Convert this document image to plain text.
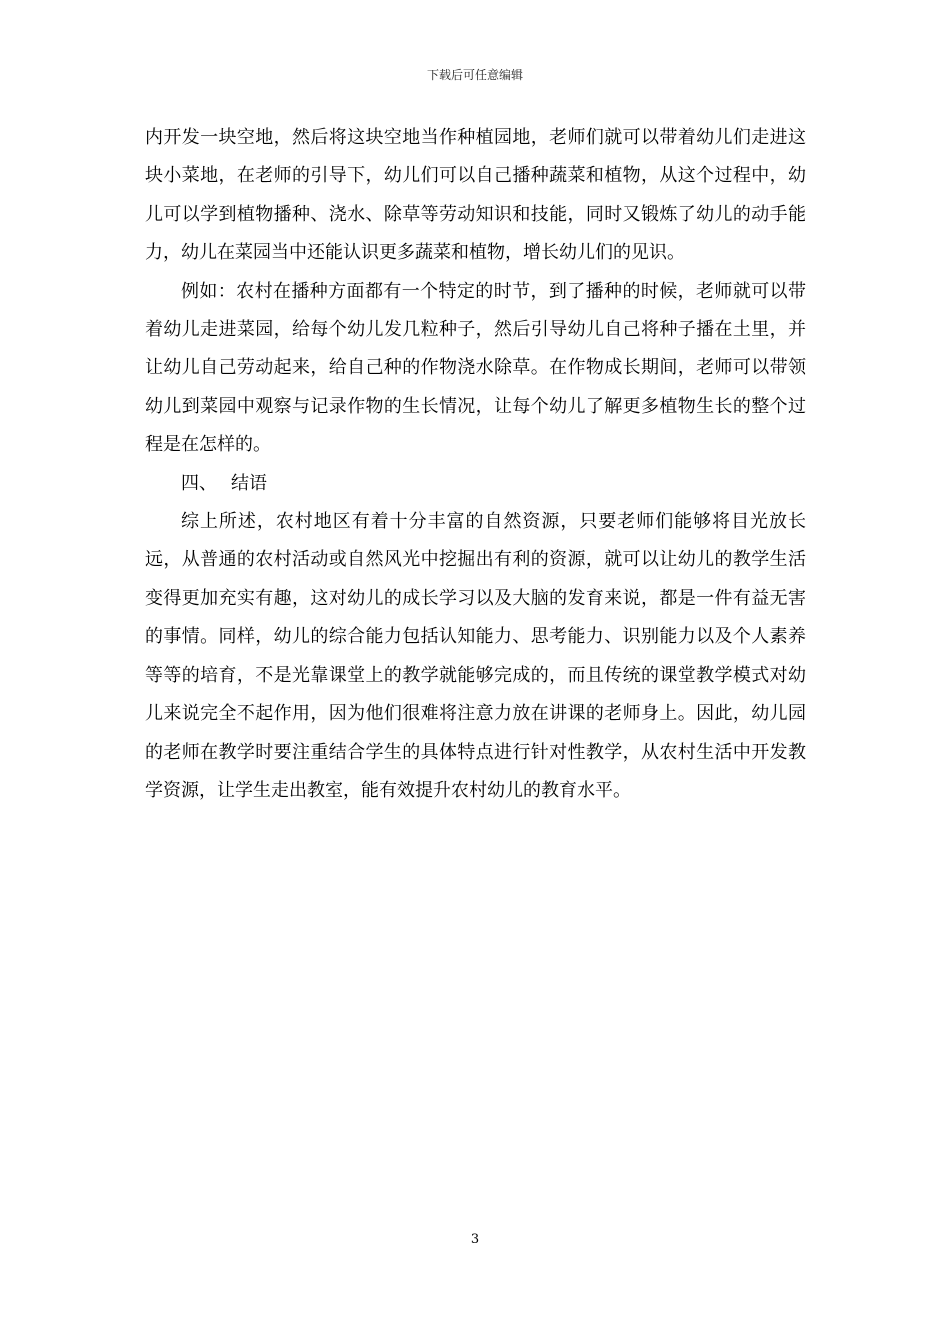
下载后可任意编辑

内开发一块空地，然后将这块空地当作种植园地，老师们就可以带着幼儿们走进这块小菜地，在老师的引导下，幼儿们可以自己播种蔬菜和植物，从这个过程中，幼儿可以学到植物播种、浇水、除草等劳动知识和技能，同时又锻炼了幼儿的动手能力，幼儿在菜园当中还能认识更多蔬菜和植物，增长幼儿们的见识。

例如：农村在播种方面都有一个特定的时节，到了播种的时候，老师就可以带着幼儿走进菜园，给每个幼儿发几粒种子，然后引导幼儿自己将种子播在土里，并让幼儿自己劳动起来，给自己种的作物浇水除草。在作物成长期间，老师可以带领幼儿到菜园中观察与记录作物的生长情况，让每个幼儿了解更多植物生长的整个过程是在怎样的。

四、 结语

综上所述，农村地区有着十分丰富的自然资源，只要老师们能够将目光放长远，从普通的农村活动或自然风光中挖掘出有利的资源，就可以让幼儿的教学生活变得更加充实有趣，这对幼儿的成长学习以及大脑的发育来说，都是一件有益无害的事情。同样，幼儿的综合能力包括认知能力、思考能力、识别能力以及个人素养等等的培育，不是光靠课堂上的教学就能够完成的，而且传统的课堂教学模式对幼儿来说完全不起作用，因为他们很难将注意力放在讲课的老师身上。因此，幼儿园的老师在教学时要注重结合学生的具体特点进行针对性教学，从农村生活中开发教学资源，让学生走出教室，能有效提升农村幼儿的教育水平。

3
